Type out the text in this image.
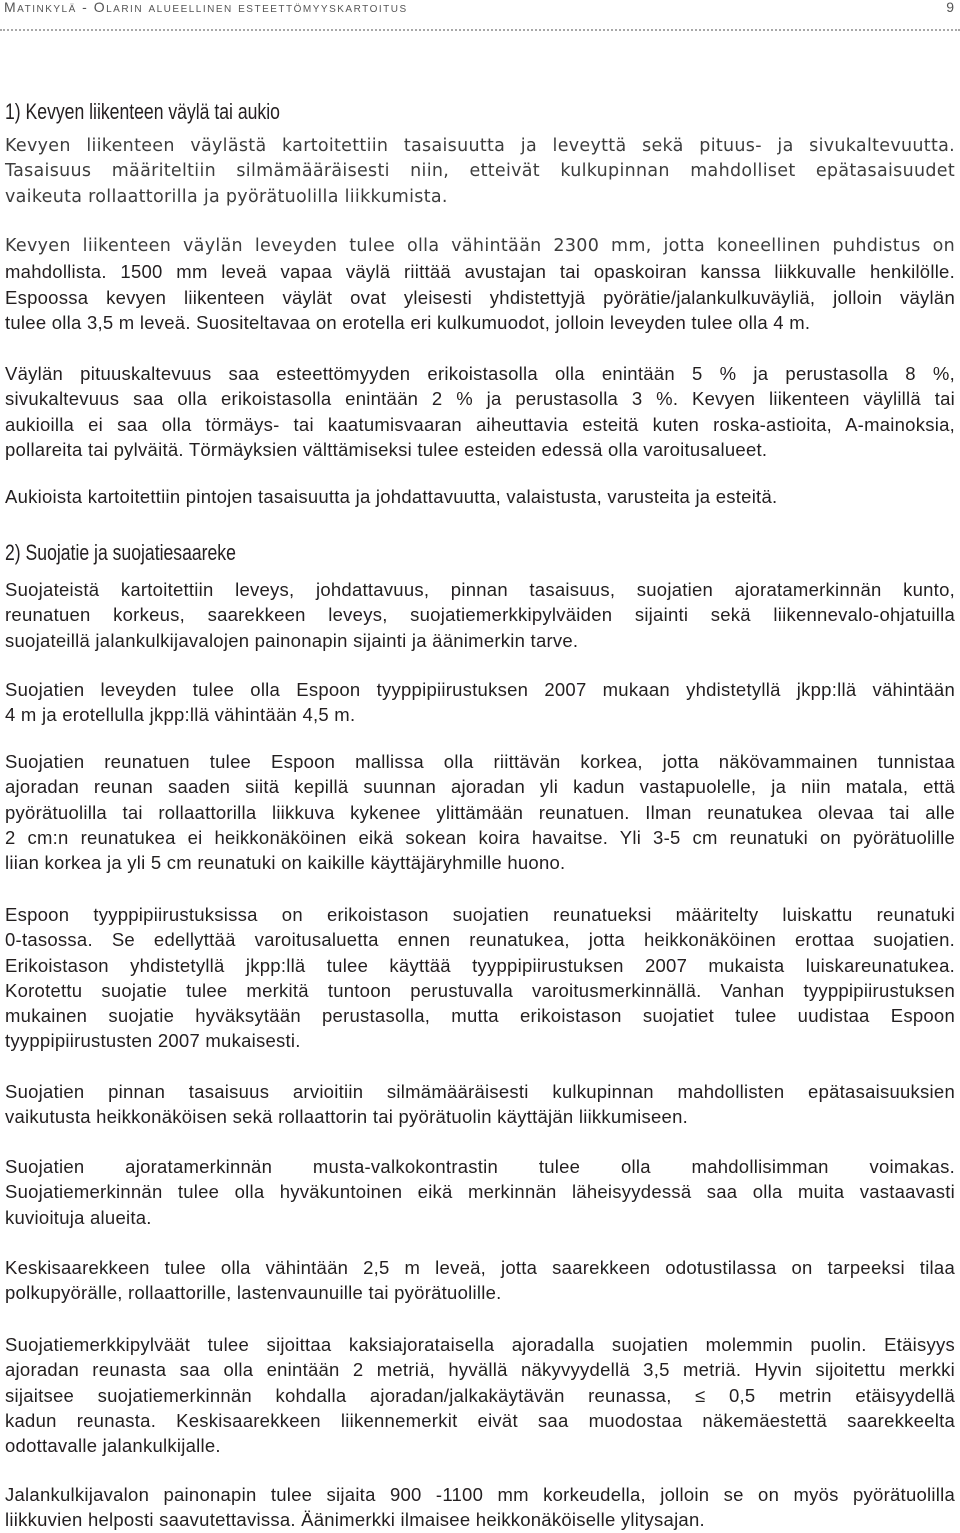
Matinkylä - Olarin alueellinen esteettömyyskartoitus	9
1) Kevyen liikenteen väylä tai aukio
Kevyen liikenteen väylästä kartoitettiin tasaisuutta ja leveyttä sekä pituus- ja sivukaltevuutta.
Tasaisuus määriteltiin silmämääräisesti niin, etteivät kulkupinnan mahdolliset epätasaisuudet
vaikeuta rollaattorilla ja pyörätuolilla liikkumista.
Kevyen liikenteen väylän leveyden tulee olla vähintään 2300 mm, jotta koneellinen puhdistus on
mahdollista. 1500 mm leveä vapaa väylä riittää avustajan tai opaskoiran kanssa liikkuvalle henkilölle.
Espoossa kevyen liikenteen väylät ovat yleisesti yhdistettyjä pyörätie/jalankulkuväyliä, jolloin väylän
tulee olla 3,5 m leveä. Suositeltavaa on erotella eri kulkumuodot, jolloin leveyden tulee olla 4 m.
Väylän pituuskaltevuus saa esteettömyyden erikoistasolla olla enintään 5 % ja perustasolla 8 %,
sivukaltevuus saa olla erikoistasolla enintään 2 % ja perustasolla 3 %. Kevyen liikenteen väylillä tai
aukioilla ei saa olla törmäys- tai kaatumisvaaran aiheuttavia esteitä kuten roska-astioita, A-mainoksia,
pollareita tai pylväitä. Törmäyksien välttämiseksi tulee esteiden edessä olla varoitusalueet.
Aukioista kartoitettiin pintojen tasaisuutta ja johdattavuutta, valaistusta, varusteita ja esteitä.
2) Suojatie ja suojatiesaareke
Suojateistä kartoitettiin leveys, johdattavuus, pinnan tasaisuus, suojatien ajoratamerkinnän kunto,
reunatuen korkeus, saarekkeen leveys, suojatiemerkkipylväiden sijainti sekä liikennevalo-ohjatuilla
suojateillä jalankulkijavalojen painonapin sijainti ja äänimerkin tarve.
Suojatien leveyden tulee olla Espoon tyyppipiirustuksen 2007 mukaan yhdistetyllä jkpp:llä vähintään
4 m ja erotellulla jkpp:llä vähintään 4,5 m.
Suojatien reunatuen tulee Espoon mallissa olla riittävän korkea, jotta näkövammainen tunnistaa
ajoradan reunan saaden siitä kepillä suunnan ajoradan yli kadun vastapuolelle, ja niin matala, että
pyörätuolilla tai rollaattorilla liikkuva kykenee ylittämään reunatuen. Ilman reunatukea olevaa tai alle
2 cm:n reunatukea ei heikkonäköinen eikä sokean koira havaitse. Yli 3-5 cm reunatuki on pyörätuolille
liian korkea ja yli 5 cm reunatuki on kaikille käyttäjäryhmille huono.
Espoon tyyppipiirustuksissa on erikoistason suojatien reunatueksi määritelty luiskattu reunatuki
0-tasossa. Se edellyttää varoitusaluetta ennen reunatukea, jotta heikkonäköinen erottaa suojatien.
Erikoistason yhdistetyllä jkpp:llä tulee käyttää tyyppipiirustuksen 2007 mukaista luiskareunatukea.
Korotettu suojatie tulee merkitä tuntoon perustuvalla varoitusmerkinnällä. Vanhan tyyppipiirustuksen
mukainen suojatie hyväksytään perustasolla, mutta erikoistason suojatiet tulee uudistaa Espoon
tyyppipiirustusten 2007 mukaisesti.
Suojatien pinnan tasaisuus arvioitiin silmämääräisesti kulkupinnan mahdollisten epätasaisuuksien
vaikutusta heikkonäköisen sekä rollaattorin tai pyörätuolin käyttäjän liikkumiseen.
Suojatien ajoratamerkinnän musta-valkokontrastin tulee olla mahdollisimman voimakas.
Suojatiemerkinnän tulee olla hyväkuntoinen eikä merkinnän läheisyydessä saa olla muita vastaavasti
kuvioituja alueita.
Keskisaarekkeen tulee olla vähintään 2,5 m leveä, jotta saarekkeen odotustilassa on tarpeeksi tilaa
polkupyörälle, rollaattorille, lastenvaunuille tai pyörätuolille.
Suojatiemerkkipylväät tulee sijoittaa kaksiajorataisella ajoradalla suojatien molemmin puolin. Etäisyys
ajoradan reunasta saa olla enintään 2 metriä, hyvällä näkyvyydellä 3,5 metriä. Hyvin sijoitettu merkki
sijaitsee suojatiemerkinnän kohdalla ajoradan/jalkakäytävän reunassa, ≤ 0,5 metrin etäisyydellä
kadun reunasta. Keskisaarekkeen liikennemerkit eivät saa muodostaa näkemäestettä saarekkeelta
odottavalle jalankulkijalle.
Jalankulkijavalon painonapin tulee sijaita 900 -1100 mm korkeudella, jolloin se on myös pyörätuolilla
liikkuvien helposti saavutettavissa. Äänimerkki ilmaisee heikkonäköiselle ylitysajan.
